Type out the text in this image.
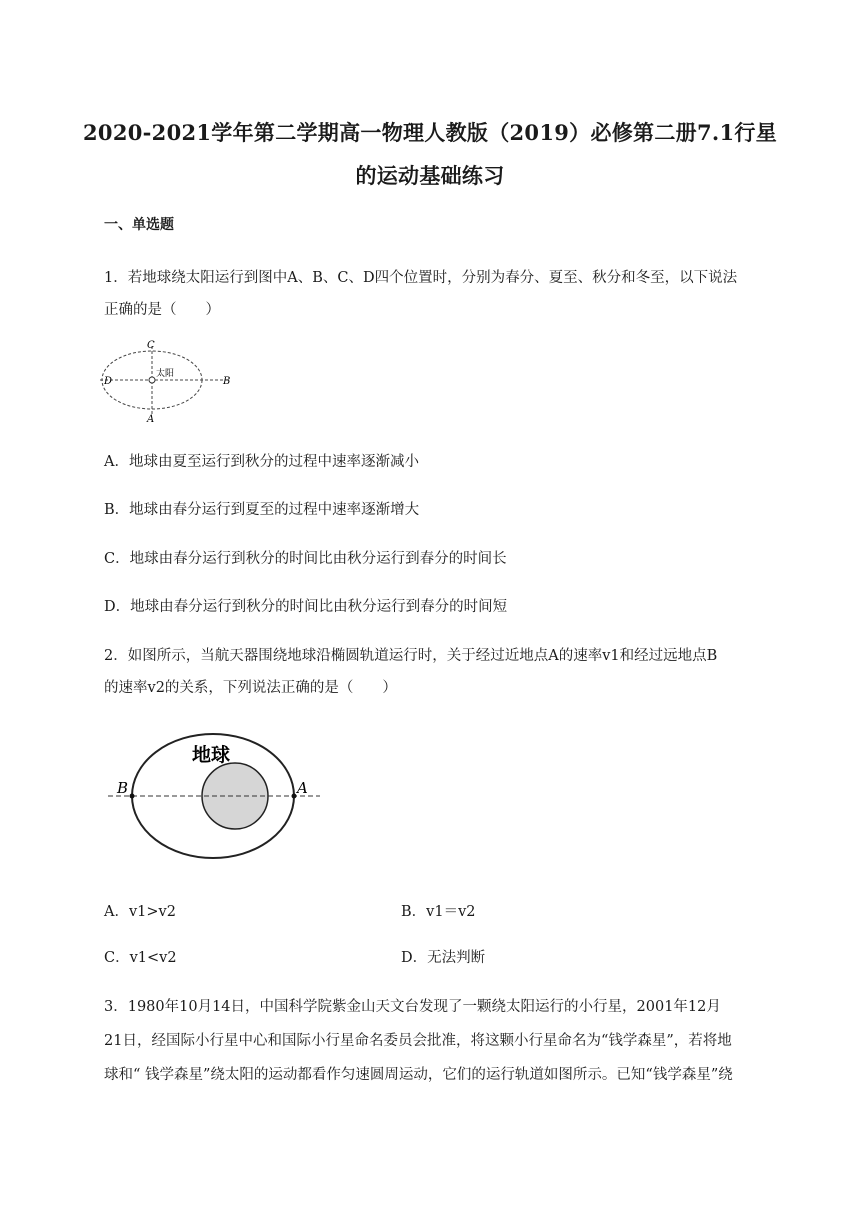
2020-2021学年第二学期高一物理人教版（2019）必修第二册7.1行星
的运动基础练习
一、单选题
1．若地球绕太阳运行到图中A、B、C、D四个位置时，分别为春分、夏至、秋分和冬至，以下说法
正确的是（　　）
太阳
C
D	B
A
A．地球由夏至运行到秋分的过程中速率逐渐减小
B．地球由春分运行到夏至的过程中速率逐渐增大
C．地球由春分运行到秋分的时间比由秋分运行到春分的时间长
D．地球由春分运行到秋分的时间比由秋分运行到春分的时间短
2．如图所示，当航天器围绕地球沿椭圆轨道运行时，关于经过近地点A的速率v1和经过远地点B
的速率v2的关系，下列说法正确的是（　　）
地球
B	A
A．v1>v2	B．v1＝v2
C．v1<v2	D．无法判断
3．1980年10月14日，中国科学院紫金山天文台发现了一颗绕太阳运行的小行星，2001年12月
21日，经国际小行星中心和国际小行星命名委员会批准，将这颗小行星命名为“钱学森星”，若将地
球和“ 钱学森星”绕太阳的运动都看作匀速圆周运动，它们的运行轨道如图所示。已知“钱学森星”绕
